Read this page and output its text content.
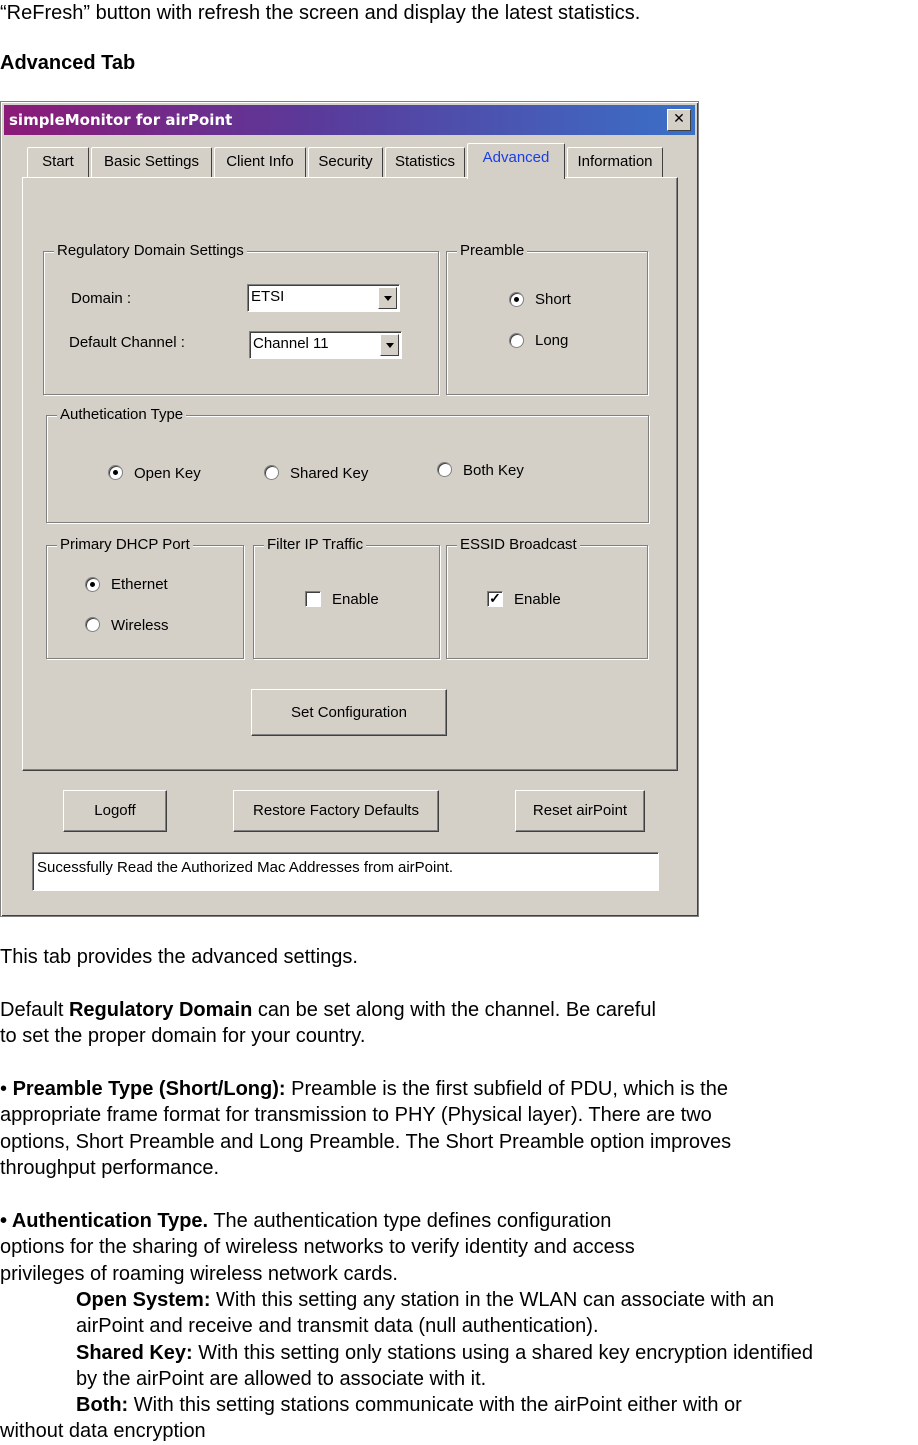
“ReFresh” button with refresh the screen and display the latest statistics.
Advanced Tab
simpleMonitor for airPoint	✕
Start	Basic Settings	Client Info	Security	Statistics	Advanced	Information
Regulatory Domain Settings
Domain :	ETSI
Default Channel :	Channel 11
Preamble
Short
Long
Authetication Type
Open Key	Shared Key	Both Key
Primary DHCP Port
Ethernet
Wireless
Filter IP Traffic
Enable
ESSID Broadcast
✓ Enable
Set Configuration
Logoff	Restore Factory Defaults	Reset airPoint
Sucessfully Read the Authorized Mac Addresses from airPoint.
This tab provides the advanced settings.
Default Regulatory Domain can be set along with the channel. Be careful
to set the proper domain for your country.
• Preamble Type (Short/Long): Preamble is the first subfield of PDU, which is the
appropriate frame format for transmission to PHY (Physical layer). There are two
options, Short Preamble and Long Preamble. The Short Preamble option improves
throughput performance.
• Authentication Type. The authentication type defines configuration
options for the sharing of wireless networks to verify identity and access
privileges of roaming wireless network cards.
Open System: With this setting any station in the WLAN can associate with an
airPoint and receive and transmit data (null authentication).
Shared Key: With this setting only stations using a shared key encryption identified
by the airPoint are allowed to associate with it.
Both: With this setting stations communicate with the airPoint either with or
without data encryption
